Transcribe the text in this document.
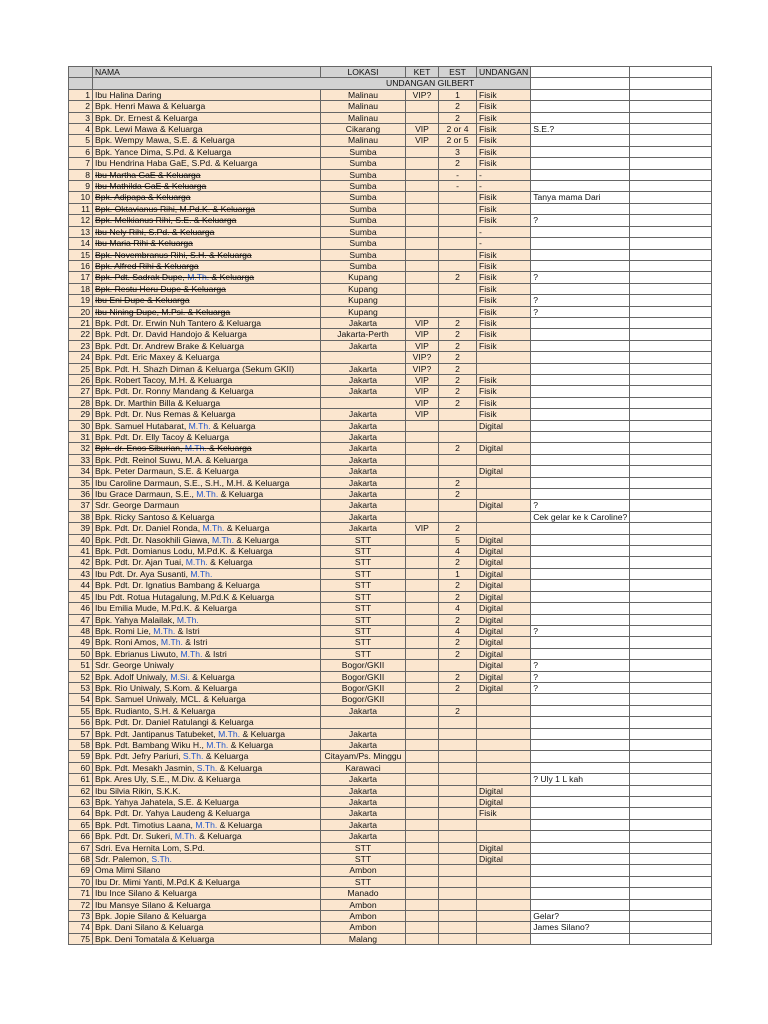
	NAMA	LOKASI	KET	EST	UNDANGAN		
	UNDANGAN GILBERT						
1	Ibu Halina Daring	Malinau	VIP?	1	Fisik		
2	Bpk. Henri Mawa & Keluarga	Malinau		2	Fisik		
3	Bpk. Dr. Ernest & Keluarga	Malinau		2	Fisik		
4	Bpk. Lewi Mawa & Keluarga	Cikarang	VIP	2 or 4	Fisik	S.E.?	
5	Bpk. Wempy Mawa, S.E. & Keluarga	Malinau	VIP	2 or 5	Fisik		
6	Bpk. Yance Dima, S.Pd. & Keluarga	Sumba		3	Fisik		
7	Ibu Hendrina Haba GaE, S.Pd. & Keluarga	Sumba		2	Fisik		
8	Ibu Martha GaE & Keluarga	Sumba		-	-		
9	Ibu Mathilda GaE & Keluarga	Sumba		-	-		
10	Bpk. Adipapa & Keluarga	Sumba			Fisik	Tanya mama Dari	
11	Bpk. Oktavianus Rihi, M.Pd.K. & Keluarga	Sumba			Fisik		
12	Bpk. Melkianus Rihi, S.E. & Keluarga	Sumba			Fisik	?	
13	Ibu Nely Rihi, S.Pd. & Keluarga	Sumba			-		
14	Ibu Maria Rihi & Keluarga	Sumba			-		
15	Bpk. Novembranus Rihi, S.H. & Keluarga	Sumba			Fisik		
16	Bpk. Alfred Rihi & Keluarga	Sumba			Fisik		
17	Bpk. Pdt. Sadrak Dupe, M.Th. & Keluarga	Kupang		2	Fisik	?	
18	Bpk. Restu Heru Dupe & Keluarga	Kupang			Fisik		
19	Ibu Eni Dupe & Keluarga	Kupang			Fisik	?	
20	Ibu Nining Dupe, M.Psi. & Keluarga	Kupang			Fisik	?	
21	Bpk. Pdt. Dr. Erwin Nuh Tantero & Keluarga	Jakarta	VIP	2	Fisik		
22	Bpk. Pdt. Dr. David Handojo & Keluarga	Jakarta-Perth	VIP	2	Fisik		
23	Bpk. Pdt. Dr. Andrew Brake & Keluarga	Jakarta	VIP	2	Fisik		
24	Bpk. Pdt. Eric Maxey & Keluarga		VIP?	2			
25	Bpk. Pdt. H. Shazh Diman & Keluarga (Sekum GKII)	Jakarta	VIP?	2			
26	Bpk. Robert Tacoy, M.H. & Keluarga	Jakarta	VIP	2	Fisik		
27	Bpk. Pdt. Dr. Ronny Mandang & Keluarga	Jakarta	VIP	2	Fisik		
28	Bpk. Dr. Marthin Billa & Keluarga		VIP	2	Fisik		
29	Bpk. Pdt. Dr. Nus Remas & Keluarga	Jakarta	VIP		Fisik		
30	Bpk. Samuel Hutabarat, M.Th. & Keluarga	Jakarta			Digital		
31	Bpk. Pdt. Dr. Elly Tacoy & Keluarga	Jakarta					
32	Bpk. dr. Enos Siburian, M.Th. & Keluarga	Jakarta		2	Digital		
33	Bpk. Pdt. Reinol Suwu, M.A. & Keluarga	Jakarta					
34	Bpk. Peter Darmaun, S.E. & Keluarga	Jakarta			Digital		
35	Ibu Caroline Darmaun, S.E., S.H., M.H. & Keluarga	Jakarta		2			
36	Ibu Grace Darmaun, S.E., M.Th. & Keluarga	Jakarta		2			
37	Sdr. George Darmaun	Jakarta			Digital	?	
38	Bpk. Ricky Santoso & Keluarga	Jakarta				Cek gelar ke k Caroline?	
39	Bpk. Pdt. Dr. Daniel Ronda, M.Th. & Keluarga	Jakarta	VIP	2			
40	Bpk. Pdt. Dr. Nasokhili Giawa, M.Th. & Keluarga	STT		5	Digital		
41	Bpk. Pdt. Domianus Lodu, M.Pd.K. & Keluarga	STT		4	Digital		
42	Bpk. Pdt. Dr. Ajan Tuai, M.Th. & Keluarga	STT		2	Digital		
43	Ibu Pdt. Dr. Aya Susanti, M.Th.	STT		1	Digital		
44	Bpk. Pdt. Dr. Ignatius Bambang & Keluarga	STT		2	Digital		
45	Ibu Pdt. Rotua Hutagalung, M.Pd.K & Keluarga	STT		2	Digital		
46	Ibu Emilia Mude, M.Pd.K. & Keluarga	STT		4	Digital		
47	Bpk. Yahya Malailak, M.Th.	STT		2	Digital		
48	Bpk. Romi Lie, M.Th. & Istri	STT		4	Digital	?	
49	Bpk. Roni Amos, M.Th. & Istri	STT		2	Digital		
50	Bpk. Ebrianus Liwuto, M.Th. & Istri	STT		2	Digital		
51	Sdr. George Uniwaly	Bogor/GKII			Digital	?	
52	Bpk. Adolf Uniwaly, M.Si. & Keluarga	Bogor/GKII		2	Digital	?	
53	Bpk. Rio Uniwaly, S.Kom. & Keluarga	Bogor/GKII		2	Digital	?	
54	Bpk. Samuel Uniwaly, MCL. & Keluarga	Bogor/GKII					
55	Bpk. Rudianto, S.H. & Keluarga	Jakarta		2			
56	Bpk. Pdt. Dr. Daniel Ratulangi & Keluarga						
57	Bpk. Pdt. Jantipanus Tatubeket, M.Th. & Keluarga	Jakarta					
58	Bpk. Pdt. Bambang Wiku H., M.Th. & Keluarga	Jakarta					
59	Bpk. Pdt. Jefry Pariuri, S.Th. & Keluarga	Citayam/Ps. Minggu					
60	Bpk. Pdt. Mesakh Jasmin, S.Th. & Keluarga	Karawaci					
61	Bpk. Ares Uly, S.E., M.Div. & Keluarga	Jakarta				? Uly 1 L kah	
62	Ibu Silvia Rikin, S.K.K.	Jakarta			Digital		
63	Bpk. Yahya Jahatela, S.E. & Keluarga	Jakarta			Digital		
64	Bpk. Pdt. Dr. Yahya Laudeng & Keluarga	Jakarta			Fisik		
65	Bpk. Pdt. Timotius Laana, M.Th. & Keluarga	Jakarta					
66	Bpk. Pdt. Dr. Sukeri, M.Th. & Keluarga	Jakarta					
67	Sdri. Eva Hernita Lom, S.Pd.	STT			Digital		
68	Sdr. Palemon, S.Th.	STT			Digital		
69	Oma Mimi Silano	Ambon					
70	Ibu Dr. Mimi Yanti, M.Pd.K & Keluarga	STT					
71	Ibu Ince Silano & Keluarga	Manado					
72	Ibu Mansye Silano & Keluarga	Ambon					
73	Bpk. Jopie Silano & Keluarga	Ambon				Gelar?	
74	Bpk. Dani Silano & Keluarga	Ambon				James Silano?	
75	Bpk. Deni Tomatala & Keluarga	Malang					
